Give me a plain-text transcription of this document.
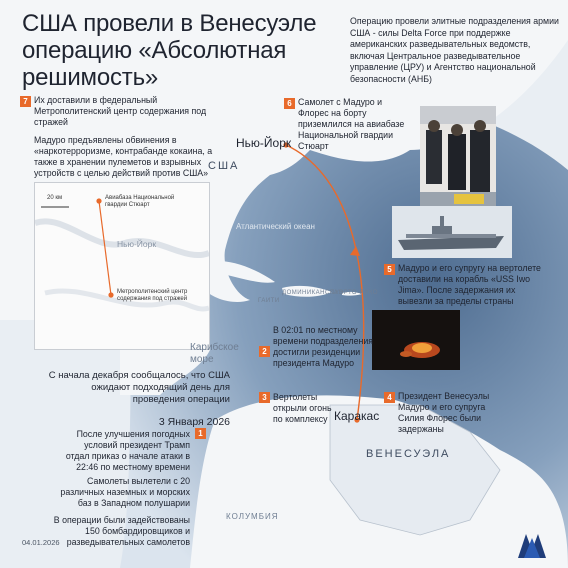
США провели в Венесуэле операцию «Абсолютная решимость»
Операцию провели элитные подразделения армии США - силы Delta Force при поддержке американских разведывательных ведомств, включая Центральное разведывательное управление (ЦРУ) и Агентство национальной безопасности (АНБ)
7 Их доставили в федеральный Метрополитенский центр содержания под стражей
Мадуро предъявлены обвинения в «наркотерроризме, контрабанде кокаина, а также в хранении пулеметов и взрывных устройств с целью действий против США»
20 км	Авиабаза Национальной гвардии Стюарт
Нью-Йорк
Метрополитенский центр содержания под стражей
6 Самолет с Мадуро и Флорес на борту приземлился на авиабазе Национальной гвардии Стюарт
Нью-Йорк
США
Атлантический океан
ГАИТИ
ДОМИНИКАНСКАЯ
ПУЭРТО-РИКО
Карибское море
Каракас
ВЕНЕСУЭЛА
КОЛУМБИЯ
5 Мадуро и его супругу на вертолете доставили на корабль «USS Iwo Jima». После задержания их вывезли за пределы страны
2
В 02:01 по местному времени подразделения достигли резиденции президента Мадуро
3 Вертолеты открыли огонь по комплексу
4 Президент Венесуэлы Мадуро и его супруга Силия Флорес были задержаны
С начала декабря сообщалось, что США ожидают подходящий день для проведения операции
3 Января 2026
1
После улучшения погодных условий президент Трамп отдал приказ о начале атаки в 22:46 по местному времени
Самолеты вылетели с 20 различных наземных и морских баз в Западном полушарии
В операции были задействованы 150 бомбардировщиков и разведывательных самолетов
04.01.2026
